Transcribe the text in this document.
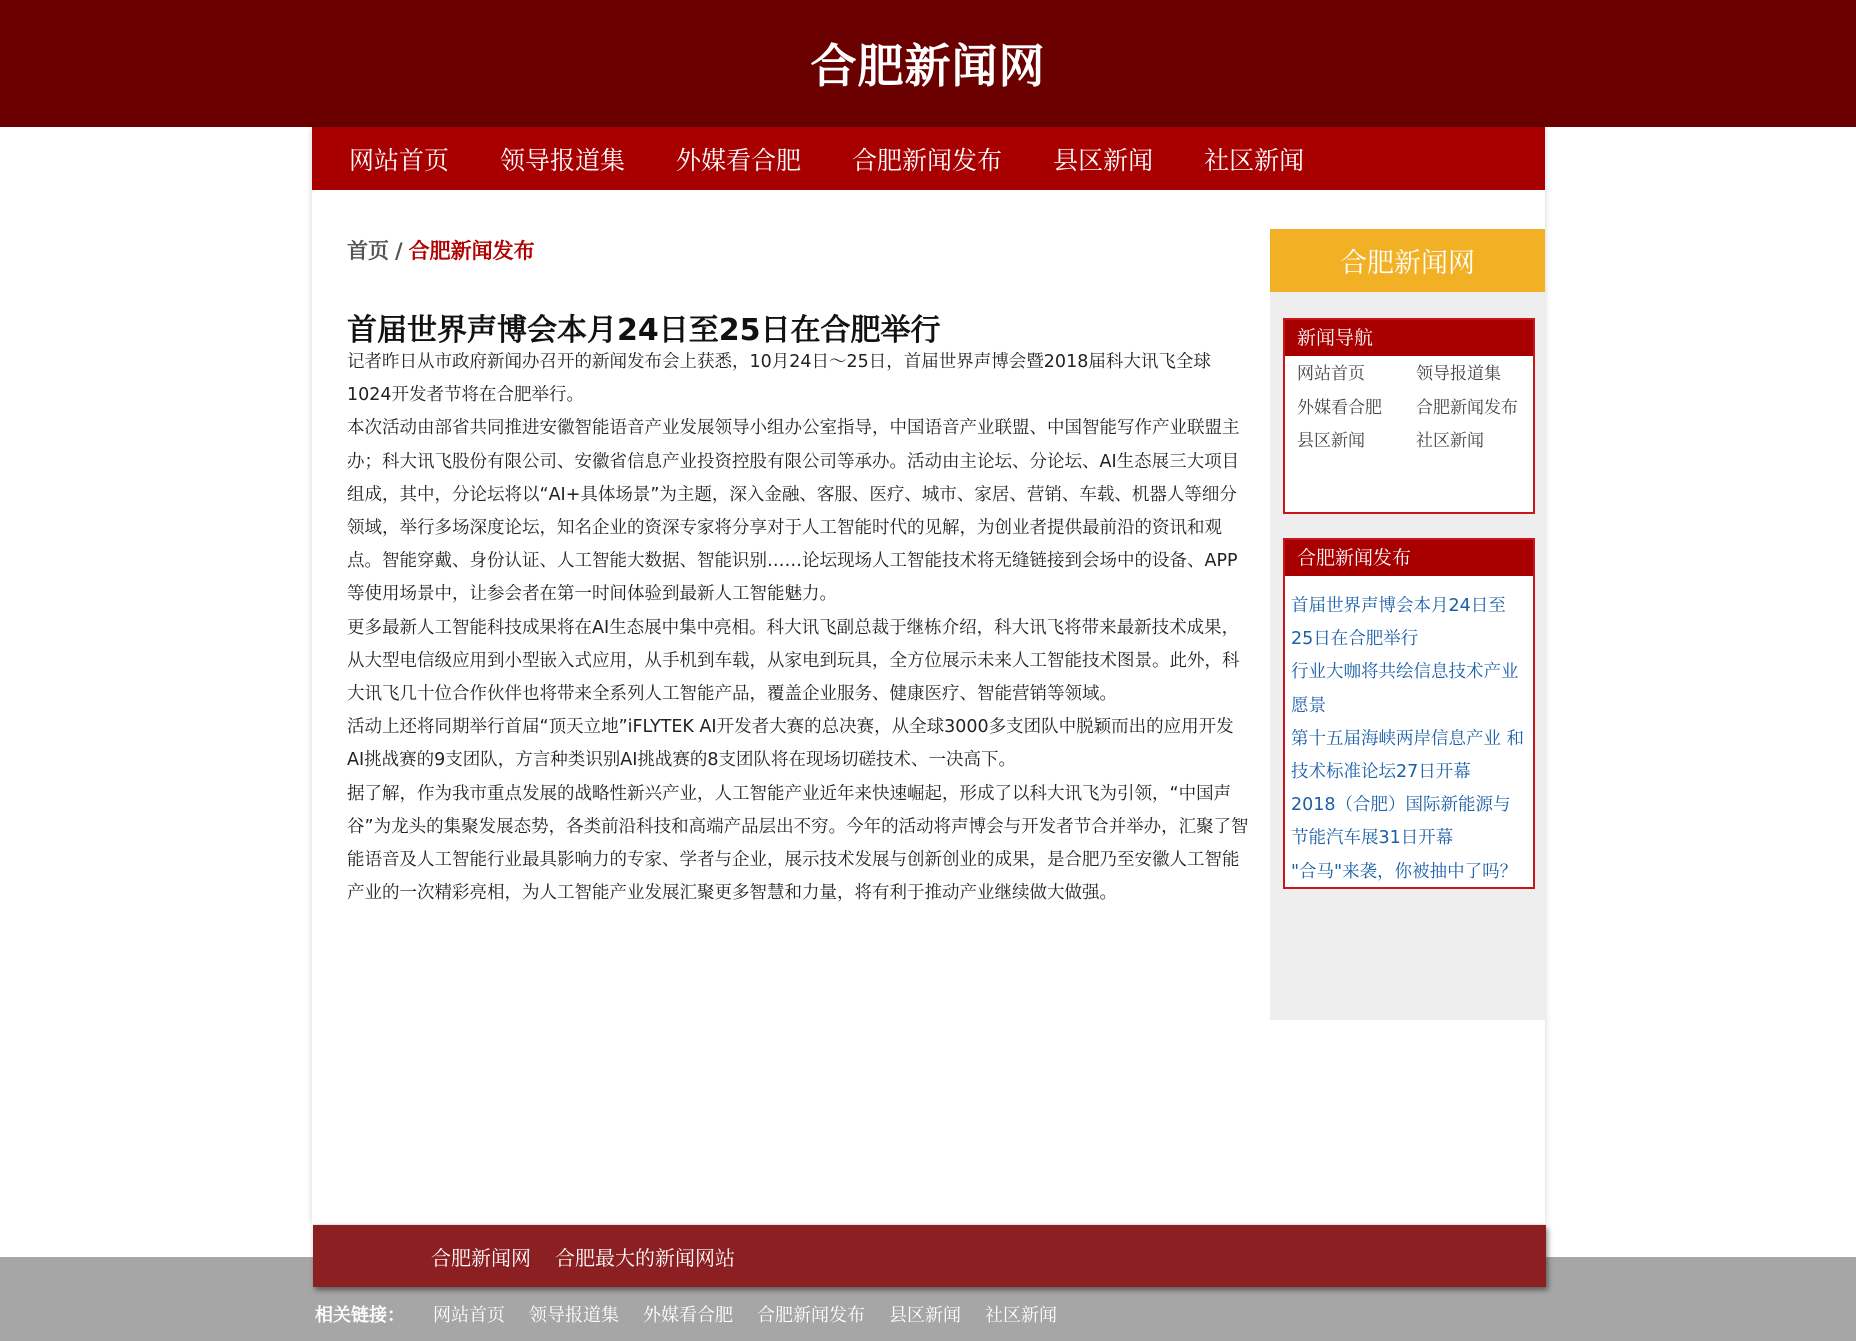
合肥新闻网
网站首页 领导报道集 外媒看合肥 合肥新闻发布 县区新闻 社区新闻
首页 / 合肥新闻发布
首届世界声博会本月24日至25日在合肥举行

记者昨日从市政府新闻办召开的新闻发布会上获悉，10月24日～25日，首届世界声博会暨2018届科大讯飞全球1024开发者节将在合肥举行。

本次活动由部省共同推进安徽智能语音产业发展领导小组办公室指导，中国语音产业联盟、中国智能写作产业联盟主办；科大讯飞股份有限公司、安徽省信息产业投资控股有限公司等承办。活动由主论坛、分论坛、AI生态展三大项目组成，其中，分论坛将以“AI+具体场景”为主题，深入金融、客服、医疗、城市、家居、营销、车载、机器人等细分领域，举行多场深度论坛，知名企业的资深专家将分享对于人工智能时代的见解，为创业者提供最前沿的资讯和观点。智能穿戴、身份认证、人工智能大数据、智能识别……论坛现场人工智能技术将无缝链接到会场中的设备、APP等使用场景中，让参会者在第一时间体验到最新人工智能魅力。

更多最新人工智能科技成果将在AI生态展中集中亮相。科大讯飞副总裁于继栋介绍，科大讯飞将带来最新技术成果，从大型电信级应用到小型嵌入式应用，从手机到车载，从家电到玩具，全方位展示未来人工智能技术图景。此外，科大讯飞几十位合作伙伴也将带来全系列人工智能产品，覆盖企业服务、健康医疗、智能营销等领域。

活动上还将同期举行首届“顶天立地”iFLYTEK AI开发者大赛的总决赛，从全球3000多支团队中脱颖而出的应用开发AI挑战赛的9支团队，方言种类识别AI挑战赛的8支团队将在现场切磋技术、一决高下。

据了解，作为我市重点发展的战略性新兴产业，人工智能产业近年来快速崛起，形成了以科大讯飞为引领，“中国声谷”为龙头的集聚发展态势，各类前沿科技和高端产品层出不穷。今年的活动将声博会与开发者节合并举办，汇聚了智能语音及人工智能行业最具影响力的专家、学者与企业，展示技术发展与创新创业的成果，是合肥乃至安徽人工智能产业的一次精彩亮相，为人工智能产业发展汇聚更多智慧和力量，将有利于推动产业继续做大做强。

合肥新闻网
新闻导航
网站首页	领导报道集
外媒看合肥	合肥新闻发布
县区新闻	社区新闻
合肥新闻发布
首届世界声博会本月24日至25日在合肥举行
行业大咖将共绘信息技术产业愿景
第十五届海峡两岸信息产业 和技术标准论坛27日开幕
2018（合肥）国际新能源与节能汽车展31日开幕
"合马"来袭，你被抽中了吗？
合肥新闻网 合肥最大的新闻网站
相关链接： 网站首页 领导报道集 外媒看合肥 合肥新闻发布 县区新闻 社区新闻
